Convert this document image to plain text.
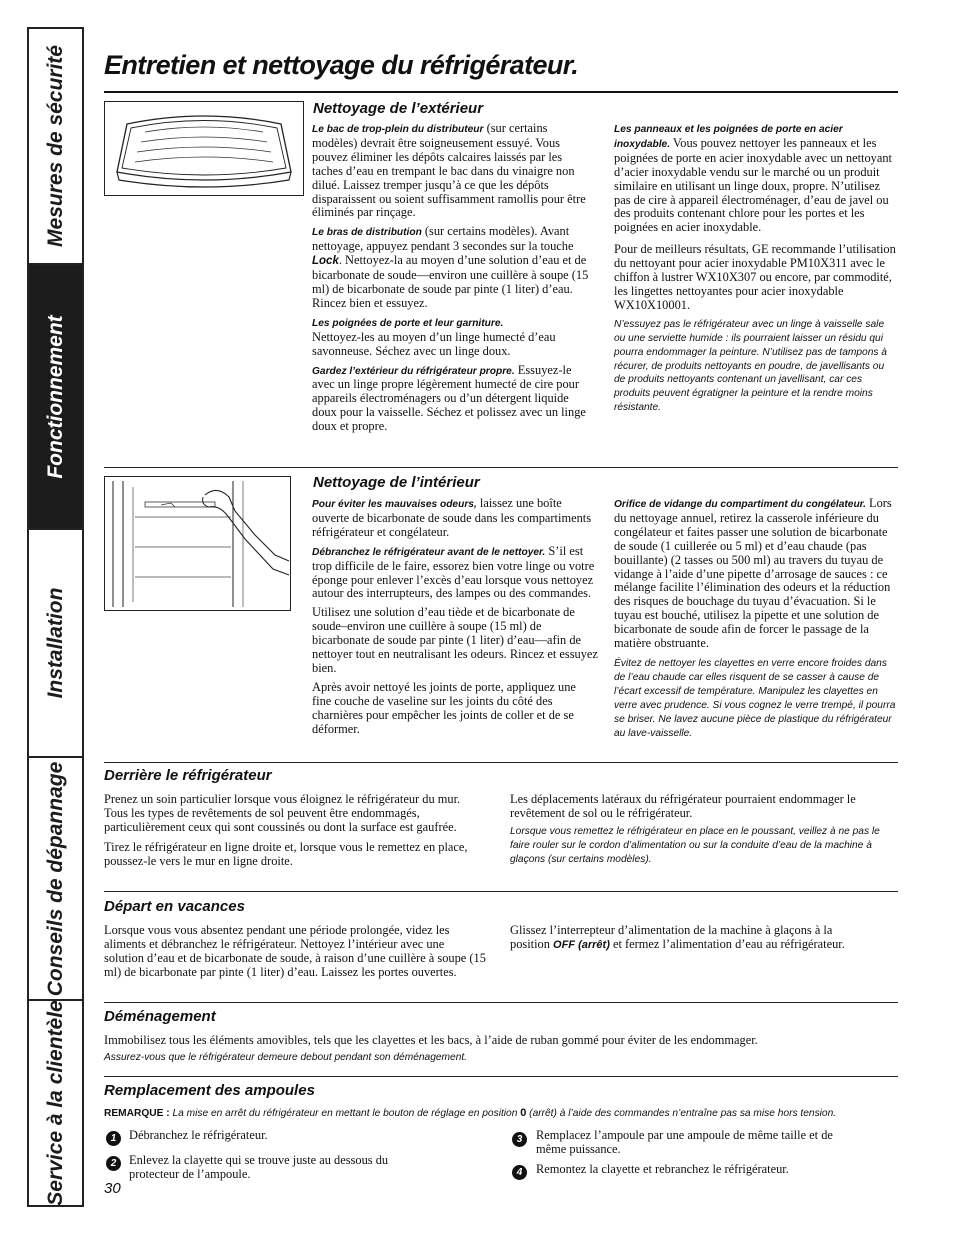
Mesures de sécurité
Fonctionnement
Installation
Conseils de dépannage
Service à la clientèle
Entretien et nettoyage du réfrigérateur.
Nettoyage de l’extérieur

Le bac de trop-plein du distributeur (sur certains modèles) devrait être soigneusement essuyé. Vous pouvez éliminer les dépôts calcaires laissés par les taches d’eau en trempant le bac dans du vinaigre non dilué. Laissez tremper jusqu’à ce que les dépôts disparaissent ou soient suffisamment ramollis pour être éliminés par rinçage.

Le bras de distribution (sur certains modèles). Avant nettoyage, appuyez pendant 3 secondes sur la touche Lock. Nettoyez-la au moyen d’une solution d’eau et de bicarbonate de soude—environ une cuillère à soupe (15 ml) de bicarbonate de soude par pinte (1 liter) d’eau. Rincez bien et essuyez.

Les poignées de porte et leur garniture.
Nettoyez-les au moyen d’un linge humecté d’eau savonneuse. Séchez avec un linge doux.

Gardez l’extérieur du réfrigérateur propre. Essuyez-le avec un linge propre légèrement humecté de cire pour appareils électroménagers ou d’un détergent liquide doux pour la vaisselle. Séchez et polissez avec un linge doux et propre.

Les panneaux et les poignées de porte en acier inoxydable. Vous pouvez nettoyer les panneaux et les poignées de porte en acier inoxydable avec un nettoyant d’acier inoxydable vendu sur le marché ou un produit similaire en utilisant un linge doux, propre. N’utilisez pas de cire à appareil électroménager, d’eau de javel ou des produits contenant chlore pour les portes et les poignées en acier inoxydable.

Pour de meilleurs résultats, GE recommande l’utilisation du nettoyant pour acier inoxydable PM10X311 avec le chiffon à lustrer WX10X307 ou encore, par commodité, les lingettes nettoyantes pour acier inoxydable WX10X10001.

N’essuyez pas le réfrigérateur avec un linge à vaisselle sale ou une serviette humide : ils pourraient laisser un résidu qui pourra endommager la peinture. N’utilisez pas de tampons à récurer, de produits nettoyants en poudre, de javellisants ou de produits nettoyants contenant un javellisant, car ces produits peuvent égratigner la peinture et la rendre moins résistante.

Nettoyage de l’intérieur

Pour éviter les mauvaises odeurs, laissez une boîte ouverte de bicarbonate de soude dans les compartiments réfrigérateur et congélateur.

Débranchez le réfrigérateur avant de le nettoyer. S’il est trop difficile de le faire, essorez bien votre linge ou votre éponge pour enlever l’excès d’eau lorsque vous nettoyez autour des interrupteurs, des lampes ou des commandes.

Utilisez une solution d’eau tiède et de bicarbonate de soude–environ une cuillère à soupe (15 ml) de bicarbonate de soude par pinte (1 liter) d’eau—afin de nettoyer tout en neutralisant les odeurs. Rincez et essuyez bien.

Après avoir nettoyé les joints de porte, appliquez une fine couche de vaseline sur les joints du côté des charnières pour empêcher les joints de coller et de se déformer.

Orifice de vidange du compartiment du congélateur. Lors du nettoyage annuel, retirez la casserole inférieure du congélateur et faites passer une solution de bicarbonate de soude (1 cuillerée ou 5 ml) et d’eau chaude (pas bouillante) (2 tasses ou 500 ml) au travers du tuyau de vidange à l’aide d’une pipette d’arrosage de sauces : ce mélange facilite l’élimination des odeurs et la réduction des risques de bouchage du tuyau d’évacuation. Si le tuyau est bouché, utilisez la pipette et une solution de bicarbonate de soude afin de forcer le passage de la matière obstruante.

Évitez de nettoyer les clayettes en verre encore froides dans de l’eau chaude car elles risquent de se casser à cause de l’écart excessif de température. Manipulez les clayettes en verre avec prudence. Si vous cognez le verre trempé, il pourra se briser. Ne lavez aucune pièce de plastique du réfrigérateur au lave-vaisselle.

Derrière le réfrigérateur

Prenez un soin particulier lorsque vous éloignez le réfrigérateur du mur. Tous les types de revêtements de sol peuvent être endommagés, particulièrement ceux qui sont coussinés ou dont la surface est gaufrée.

Tirez le réfrigérateur en ligne droite et, lorsque vous le remettez en place, poussez-le vers le mur en ligne droite.

Les déplacements latéraux du réfrigérateur pourraient endommager le revêtement de sol ou le réfrigérateur.

Lorsque vous remettez le réfrigérateur en place en le poussant, veillez à ne pas le faire rouler sur le cordon d’alimentation ou sur la conduite d’eau de la machine à glaçons (sur certains modèles).

Départ en vacances

Lorsque vous vous absentez pendant une période prolongée, videz les aliments et débranchez le réfrigérateur. Nettoyez l’intérieur avec une solution d’eau et de bicarbonate de soude, à raison d’une cuillère à soupe (15 ml) de bicarbonate par pinte (1 liter) d’eau. Laissez les portes ouvertes.

Glissez l’interrepteur d’alimentation de la machine à glaçons à la position OFF (arrêt) et fermez l’alimentation d’eau au réfrigérateur.

Déménagement

Immobilisez tous les éléments amovibles, tels que les clayettes et les bacs, à l’aide de ruban gommé pour éviter de les endommager.

Assurez-vous que le réfrigérateur demeure debout pendant son déménagement.

Remplacement des ampoules
REMARQUE : La mise en arrêt du réfrigérateur en mettant le bouton de réglage en position 0 (arrêt) à l’aide des commandes n’entraîne pas sa mise hors tension.
1	Débranchez le réfrigérateur.
2	Enlevez la clayette qui se trouve juste au dessous du protecteur de l’ampoule.
3	Remplacez l’ampoule par une ampoule de même taille et de même puissance.
4	Remontez la clayette et rebranchez le réfrigérateur.
30
